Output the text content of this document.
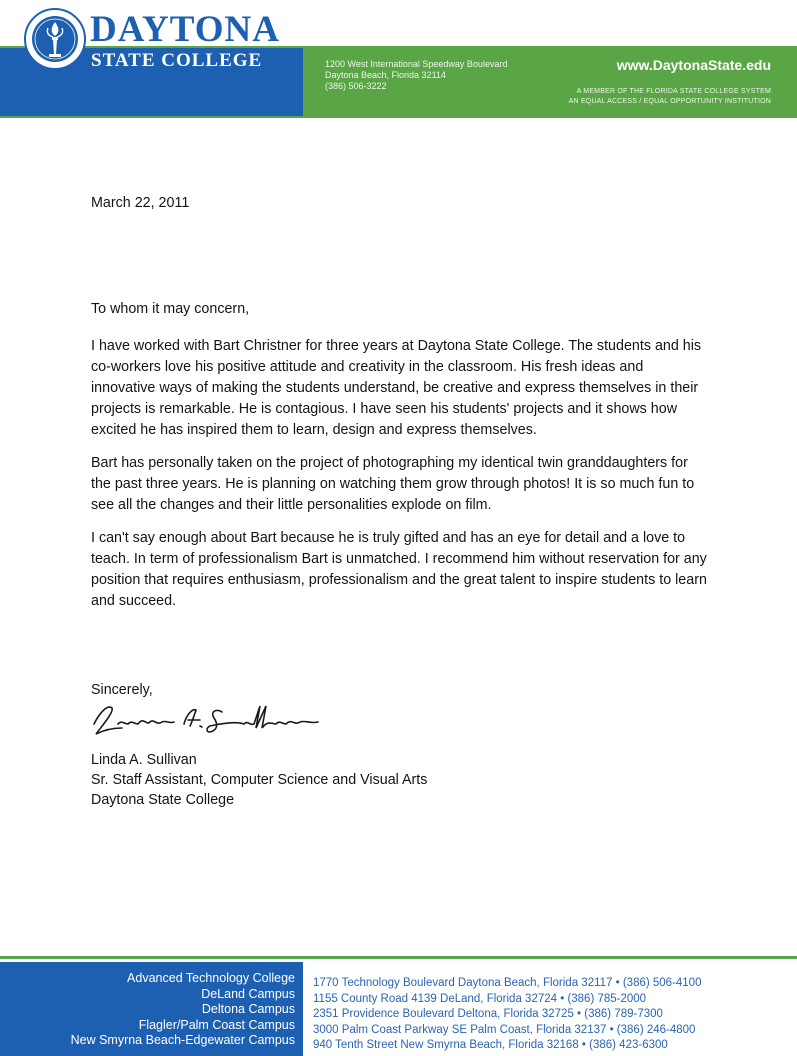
DAYTONA
STATE COLLEGE	1200 West International Speedway Boulevard
Daytona Beach, Florida 32114
(386) 506-3222
www.DaytonaState.edu
A MEMBER OF THE FLORIDA STATE COLLEGE SYSTEM
AN EQUAL ACCESS / EQUAL OPPORTUNITY INSTITUTION
March 22, 2011
To whom it may concern,

I have worked with Bart Christner for three years at Daytona State College. The students and his co-workers love his positive attitude and creativity in the classroom. His fresh ideas and innovative ways of making the students understand, be creative and express themselves in their projects is remarkable. He is contagious. I have seen his students' projects and it shows how excited he has inspired them to learn, design and express themselves.

Bart has personally taken on the project of photographing my identical twin granddaughters for the past three years. He is planning on watching them grow through photos! It is so much fun to see all the changes and their little personalities explode on film.

I can't say enough about Bart because he is truly gifted and has an eye for detail and a love to teach. In term of professionalism Bart is unmatched. I recommend him without reservation for any position that requires enthusiasm, professionalism and the great talent to inspire students to learn and succeed.

Sincerely,
Linda A. Sullivan
Sr. Staff Assistant, Computer Science and Visual Arts
Daytona State College
Advanced Technology College
DeLand Campus
Deltona Campus
Flagler/Palm Coast Campus
New Smyrna Beach-Edgewater Campus
1770 Technology Boulevard Daytona Beach, Florida 32117 • (386) 506-4100
1155 County Road 4139 DeLand, Florida 32724 • (386) 785-2000
2351 Providence Boulevard Deltona, Florida 32725 • (386) 789-7300
3000 Palm Coast Parkway SE Palm Coast, Florida 32137 • (386) 246-4800
940 Tenth Street New Smyrna Beach, Florida 32168 • (386) 423-6300
